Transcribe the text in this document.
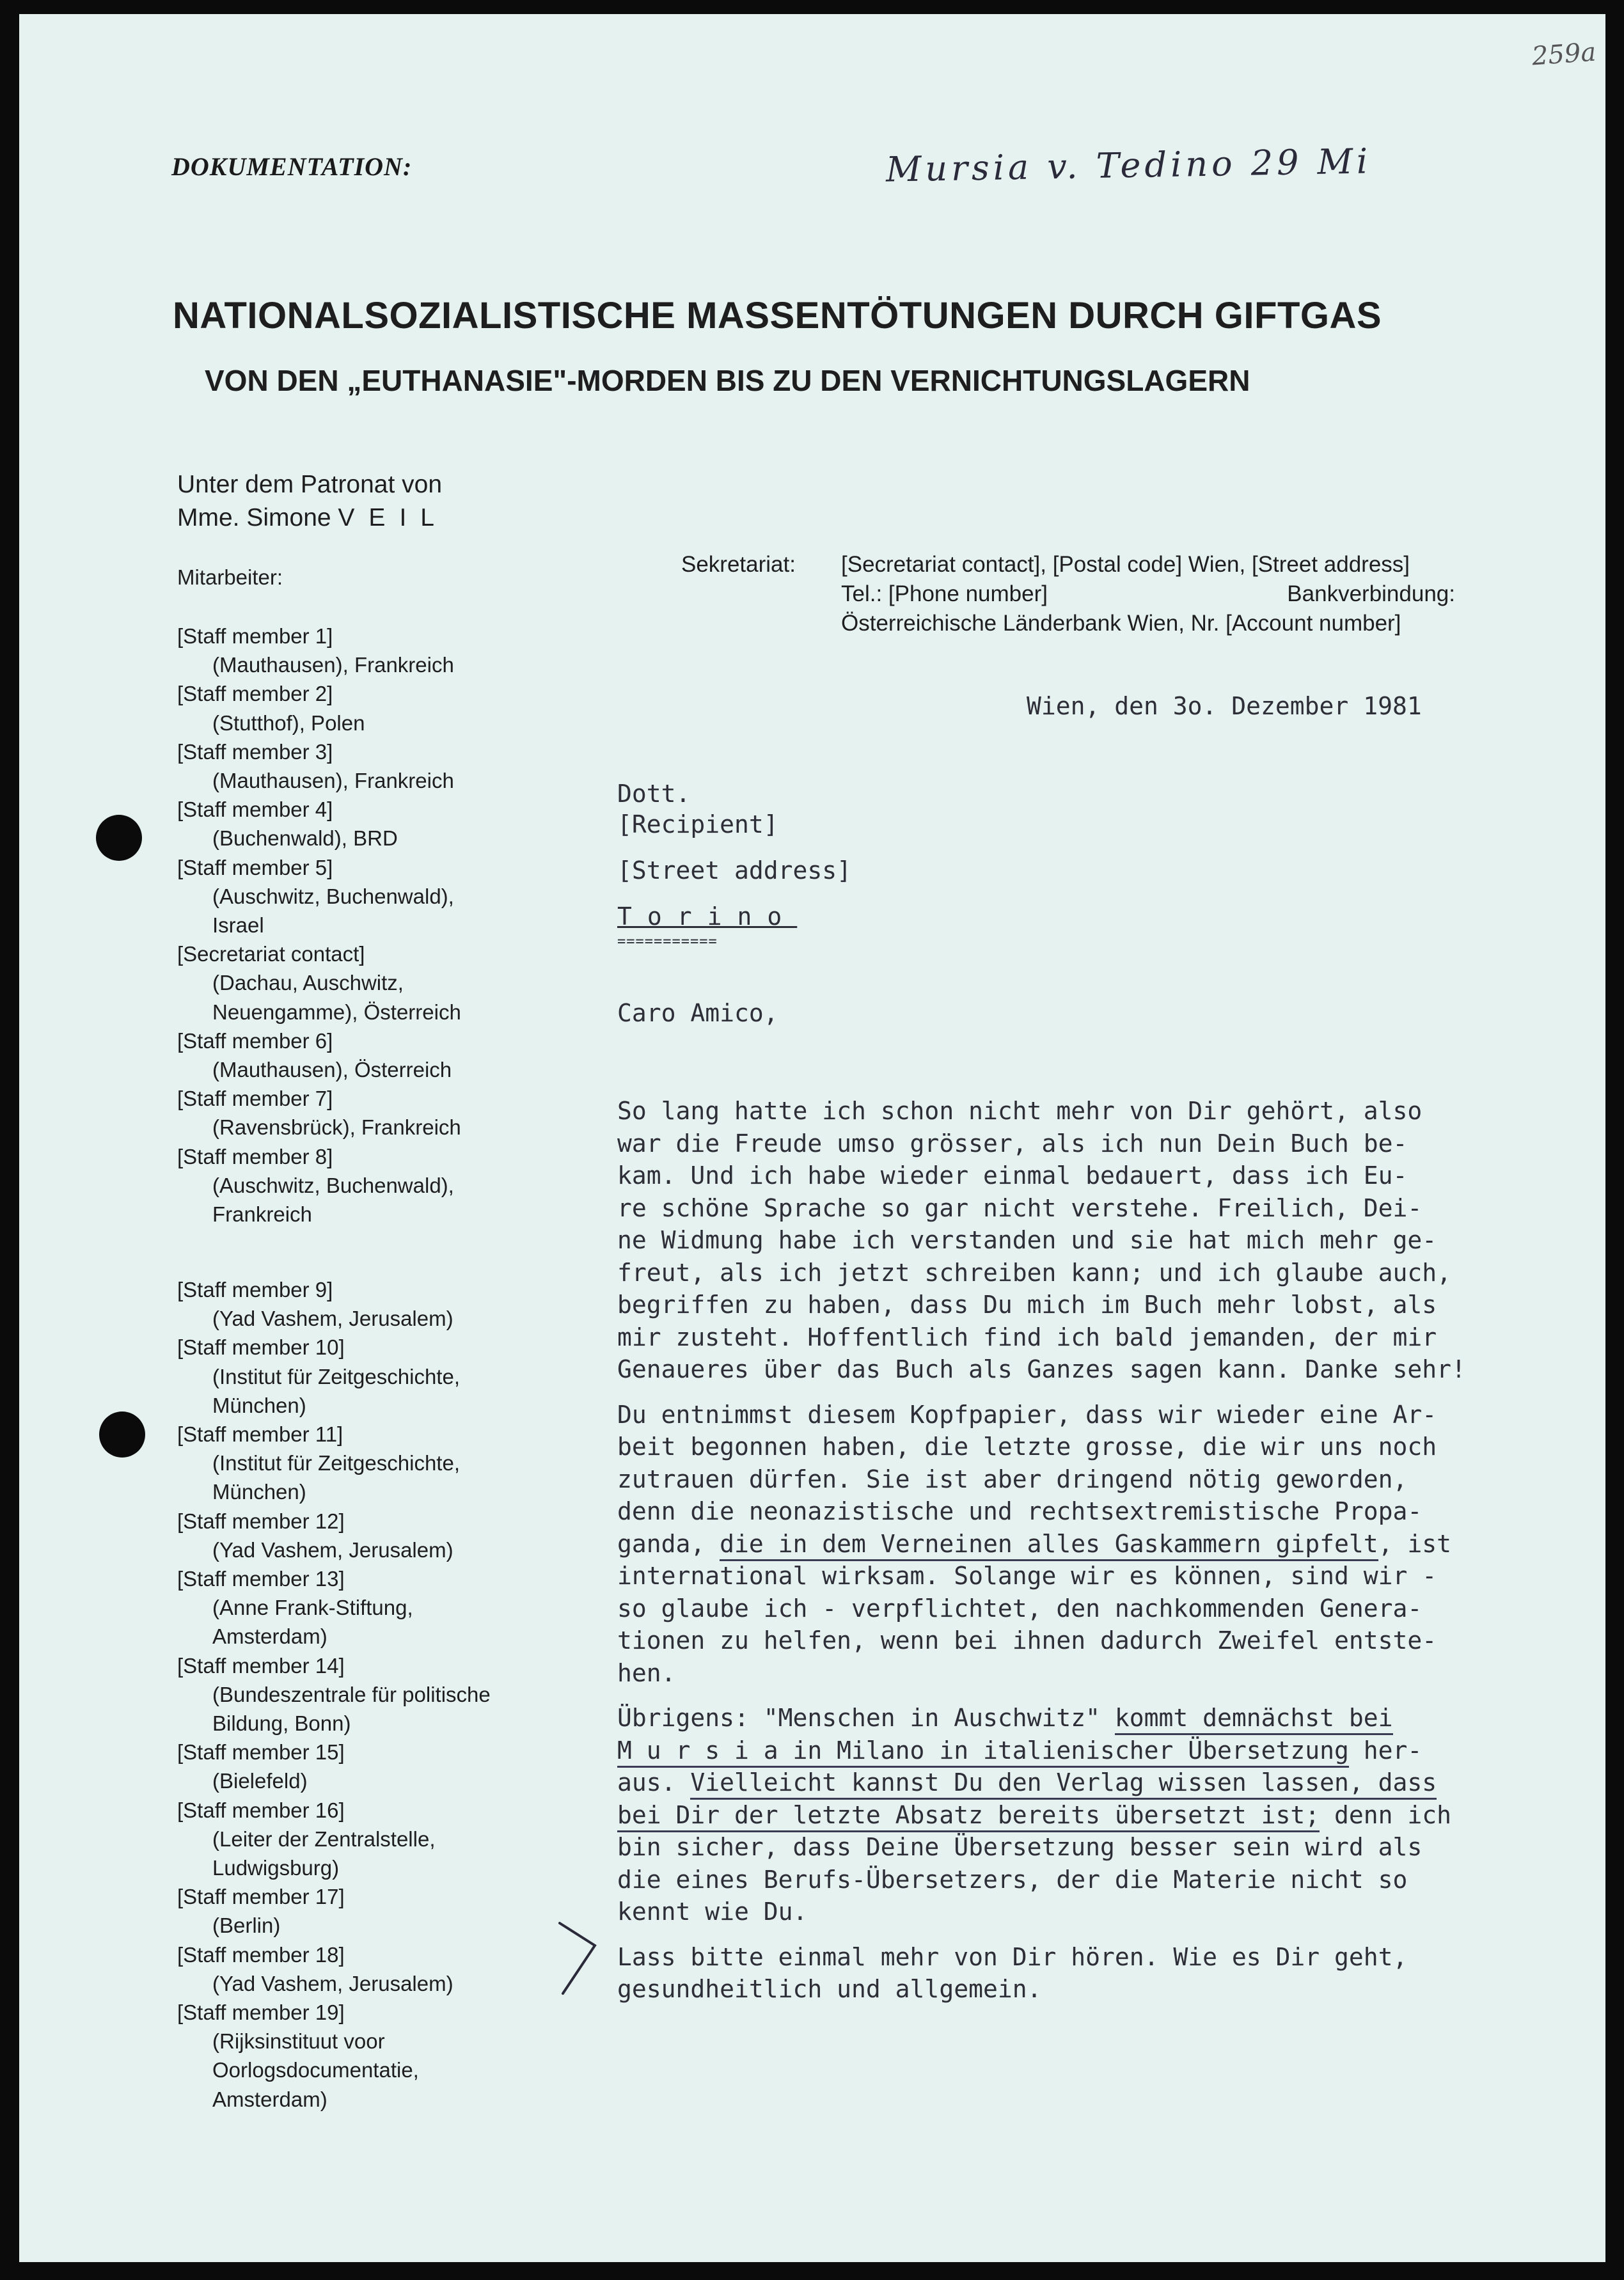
DOKUMENTATION:	Mursia v. Tedino 29 Mi
259a
NATIONALSOZIALISTISCHE MASSENTÖTUNGEN DURCH GIFTGAS
VON DEN „EUTHANASIE"-MORDEN BIS ZU DEN VERNICHTUNGSLAGERN
Unter dem Patronat von
Mme. Simone VEIL
Mitarbeiter:
[Staff member 1]
(Mauthausen), Frankreich
[Staff member 2]
(Stutthof), Polen
[Staff member 3]
(Mauthausen), Frankreich
[Staff member 4]
(Buchenwald), BRD
[Staff member 5]
(Auschwitz, Buchenwald),
Israel
[Secretariat contact]
(Dachau, Auschwitz,
Neuengamme), Österreich
[Staff member 6]
(Mauthausen), Österreich
[Staff member 7]
(Ravensbrück), Frankreich
[Staff member 8]
(Auschwitz, Buchenwald),
Frankreich
[Staff member 9]
(Yad Vashem, Jerusalem)
[Staff member 10]
(Institut für Zeitgeschichte,
München)
[Staff member 11]
(Institut für Zeitgeschichte,
München)
[Staff member 12]
(Yad Vashem, Jerusalem)
[Staff member 13]
(Anne Frank-Stiftung,
Amsterdam)
[Staff member 14]
(Bundeszentrale für politische
Bildung, Bonn)
[Staff member 15]
(Bielefeld)
[Staff member 16]
(Leiter der Zentralstelle,
Ludwigsburg)
[Staff member 17]
(Berlin)
[Staff member 18]
(Yad Vashem, Jerusalem)
[Staff member 19]
(Rijksinstituut voor
Oorlogsdocumentatie,
Amsterdam)
Sekretariat: [Secretariat contact], [Postal code] Wien, [Street address]
Tel.: [Phone number]	Bankverbindung:
Österreichische Länderbank Wien, Nr. [Account number]
Wien, den 3o. Dezember 1981
Dott.
[Recipient]
[Street address]
Torino
===========
Caro Amico,

So lang hatte ich schon nicht mehr von Dir gehört, also
war die Freude umso grösser, als ich nun Dein Buch be-
kam. Und ich habe wieder einmal bedauert, dass ich Eu-
re schöne Sprache so gar nicht verstehe. Freilich, Dei-
ne Widmung habe ich verstanden und sie hat mich mehr ge-
freut, als ich jetzt schreiben kann; und ich glaube auch,
begriffen zu haben, dass Du mich im Buch mehr lobst, als
mir zusteht. Hoffentlich find ich bald jemanden, der mir
Genaueres über das Buch als Ganzes sagen kann. Danke sehr!

Du entnimmst diesem Kopfpapier, dass wir wieder eine Ar-
beit begonnen haben, die letzte grosse, die wir uns noch
zutrauen dürfen. Sie ist aber dringend nötig geworden,
denn die neonazistische und rechtsextremistische Propa-
ganda, die in dem Verneinen alles Gaskammern gipfelt, ist
international wirksam. Solange wir es können, sind wir -
so glaube ich - verpflichtet, den nachkommenden Genera-
tionen zu helfen, wenn bei ihnen dadurch Zweifel entste-
hen.

Übrigens: "Menschen in Auschwitz" kommt demnächst bei
M u r s i a in Milano in italienischer Übersetzung her-
aus. Vielleicht kannst Du den Verlag wissen lassen, dass
bei Dir der letzte Absatz bereits übersetzt ist; denn ich
bin sicher, dass Deine Übersetzung besser sein wird als
die eines Berufs-Übersetzers, der die Materie nicht so
kennt wie Du.

Lass bitte einmal mehr von Dir hören. Wie es Dir geht,
gesundheitlich und allgemein.
